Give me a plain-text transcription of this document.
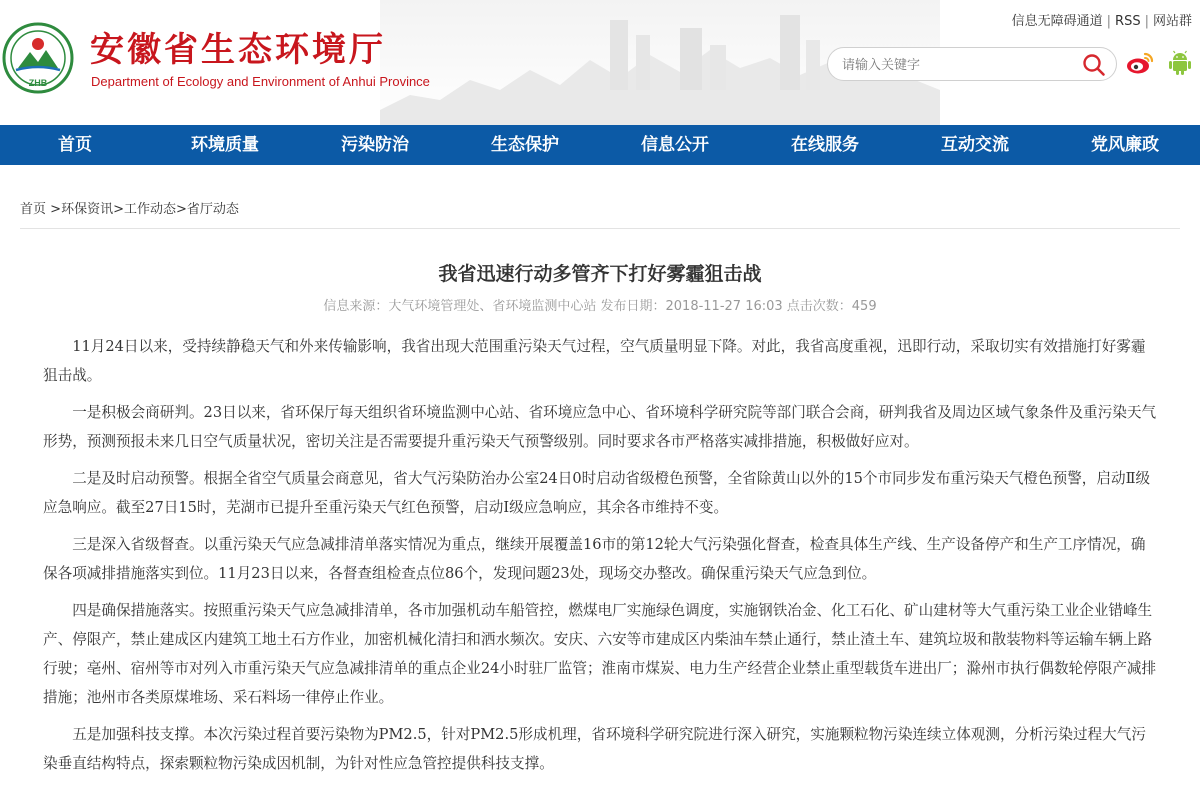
ZHB
安徽省生态环境厅
Department of Ecology and Environment of Anhui Province
信息无障碍通道 | RSS | 网站群
请输入关键字
首页	环境质量	污染防治	生态保护	信息公开	在线服务	互动交流	党风廉政
首页 >环保资讯>工作动态>省厅动态
我省迅速行动多管齐下打好雾霾狙击战
信息来源：大气环境管理处、省环境监测中心站 发布日期：2018-11-27 16:03 点击次数：459

11月24日以来，受持续静稳天气和外来传输影响，我省出现大范围重污染天气过程，空气质量明显下降。对此，我省高度重视，迅即行动，采取切实有效措施打好雾霾狙击战。

一是积极会商研判。23日以来，省环保厅每天组织省环境监测中心站、省环境应急中心、省环境科学研究院等部门联合会商，研判我省及周边区域气象条件及重污染天气形势，预测预报未来几日空气质量状况，密切关注是否需要提升重污染天气预警级别。同时要求各市严格落实减排措施，积极做好应对。

二是及时启动预警。根据全省空气质量会商意见，省大气污染防治办公室24日0时启动省级橙色预警，全省除黄山以外的15个市同步发布重污染天气橙色预警，启动Ⅱ级应急响应。截至27日15时，芜湖市已提升至重污染天气红色预警，启动Ⅰ级应急响应，其余各市维持不变。

三是深入省级督查。以重污染天气应急减排清单落实情况为重点，继续开展覆盖16市的第12轮大气污染强化督查，检查具体生产线、生产设备停产和生产工序情况，确保各项减排措施落实到位。11月23日以来，各督查组检查点位86个，发现问题23处，现场交办整改。确保重污染天气应急到位。

四是确保措施落实。按照重污染天气应急减排清单，各市加强机动车船管控，燃煤电厂实施绿色调度，实施钢铁冶金、化工石化、矿山建材等大气重污染工业企业错峰生产、停限产，禁止建成区内建筑工地土石方作业，加密机械化清扫和洒水频次。安庆、六安等市建成区内柴油车禁止通行，禁止渣土车、建筑垃圾和散装物料等运输车辆上路行驶；亳州、宿州等市对列入市重污染天气应急减排清单的重点企业24小时驻厂监管；淮南市煤炭、电力生产经营企业禁止重型载货车进出厂；滁州市执行偶数轮停限产减排措施；池州市各类原煤堆场、采石料场一律停止作业。

五是加强科技支撑。本次污染过程首要污染物为PM2.5，针对PM2.5形成机理，省环境科学研究院进行深入研究，实施颗粒物污染连续立体观测，分析污染过程大气污染垂直结构特点，探索颗粒物污染成因机制，为针对性应急管控提供科技支撑。
